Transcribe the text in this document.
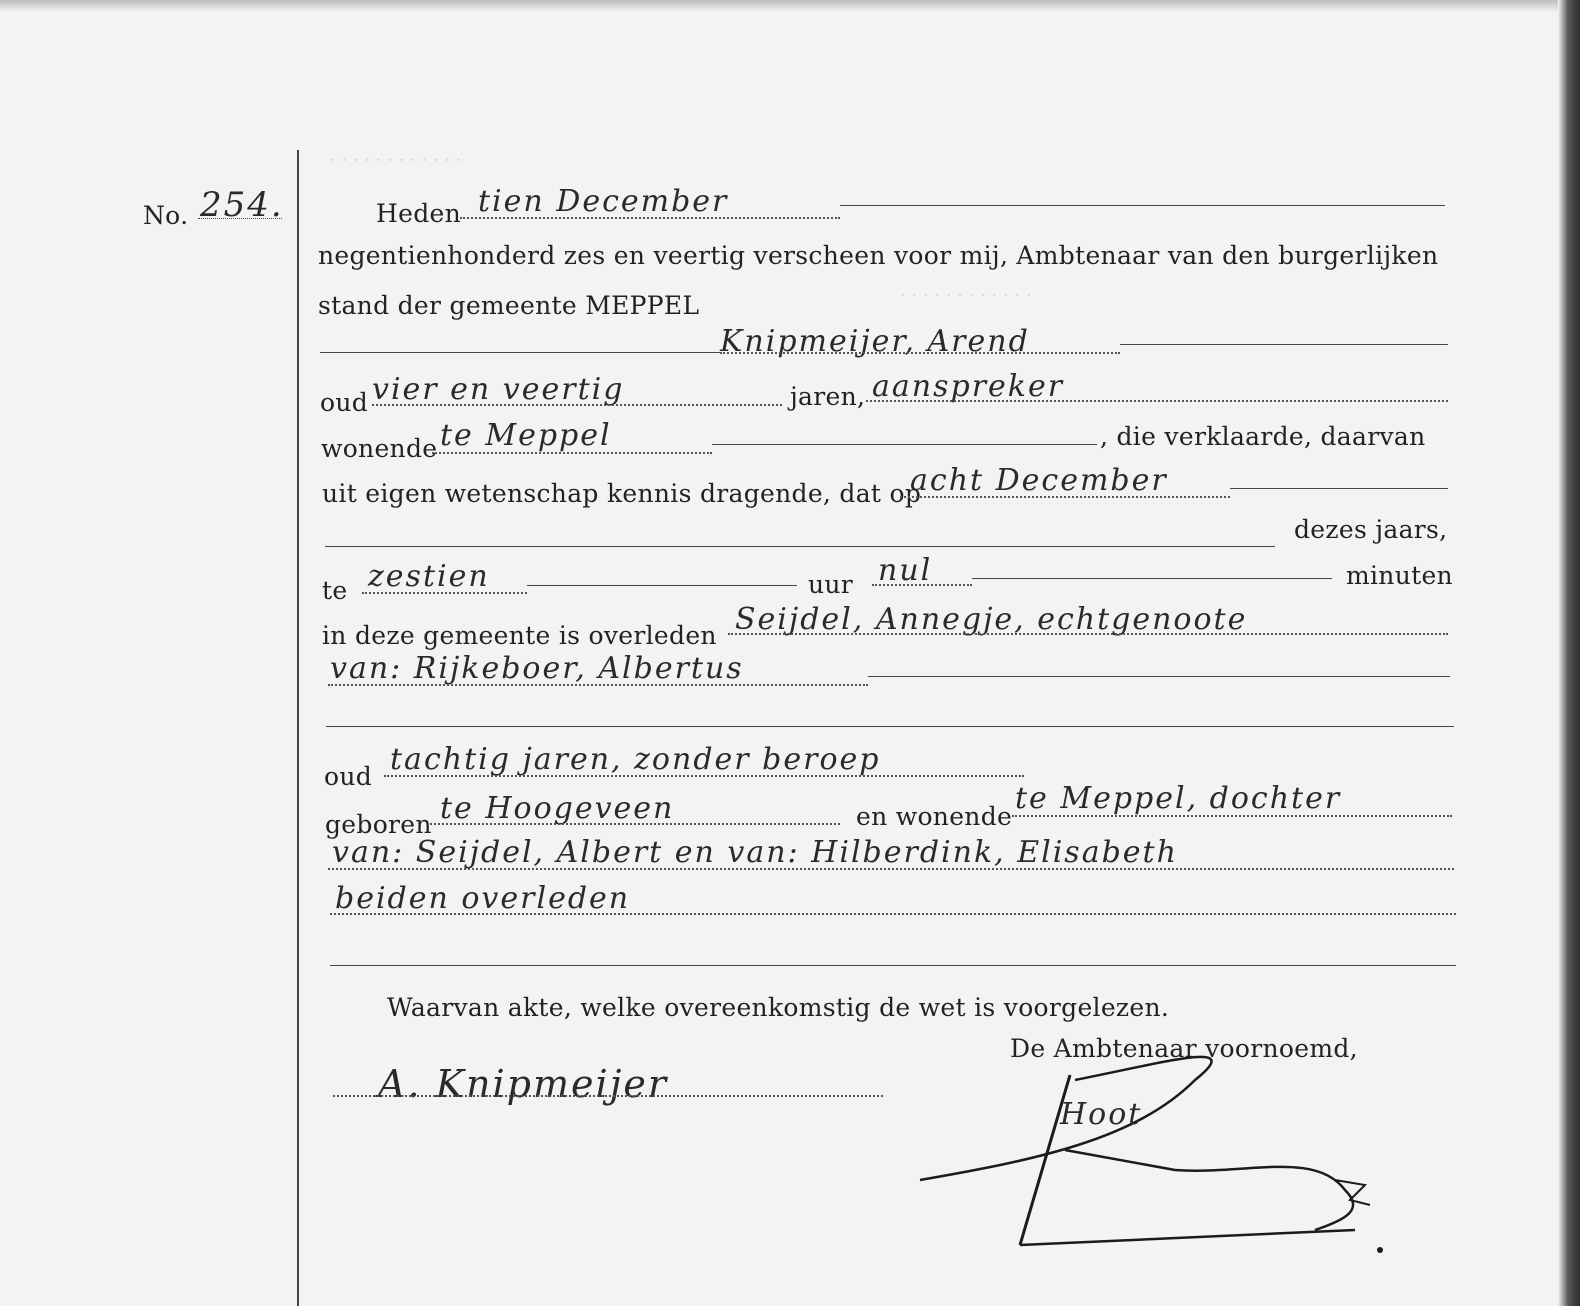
· · · · · · · · · · · ·
· · · · · · · · · · · ·
No. 254.	Heden tien December
negentienhonderd zes en veertig verscheen voor mij, Ambtenaar van den burgerlijken
stand der gemeente MEPPEL
Knipmeijer, Arend
oud vier en veertig	jaren, aanspreker
wonende te Meppel	, die verklaarde, daarvan
uit eigen wetenschap kennis dragende, dat op
acht December
dezes jaars,
te zestien	uur nul	minuten
in deze gemeente is overleden Seijdel, Annegje, echtgenoote
van: Rijkeboer, Albertus
oud tachtig jaren, zonder beroep
geboren te Hoogeveen	en wonende
te Meppel, dochter
van: Seijdel, Albert en van: Hilberdink, Elisabeth
beiden overleden
Waarvan akte, welke overeenkomstig de wet is voorgelezen.
De Ambtenaar voornoemd,
A. Knipmeijer
Hoot
